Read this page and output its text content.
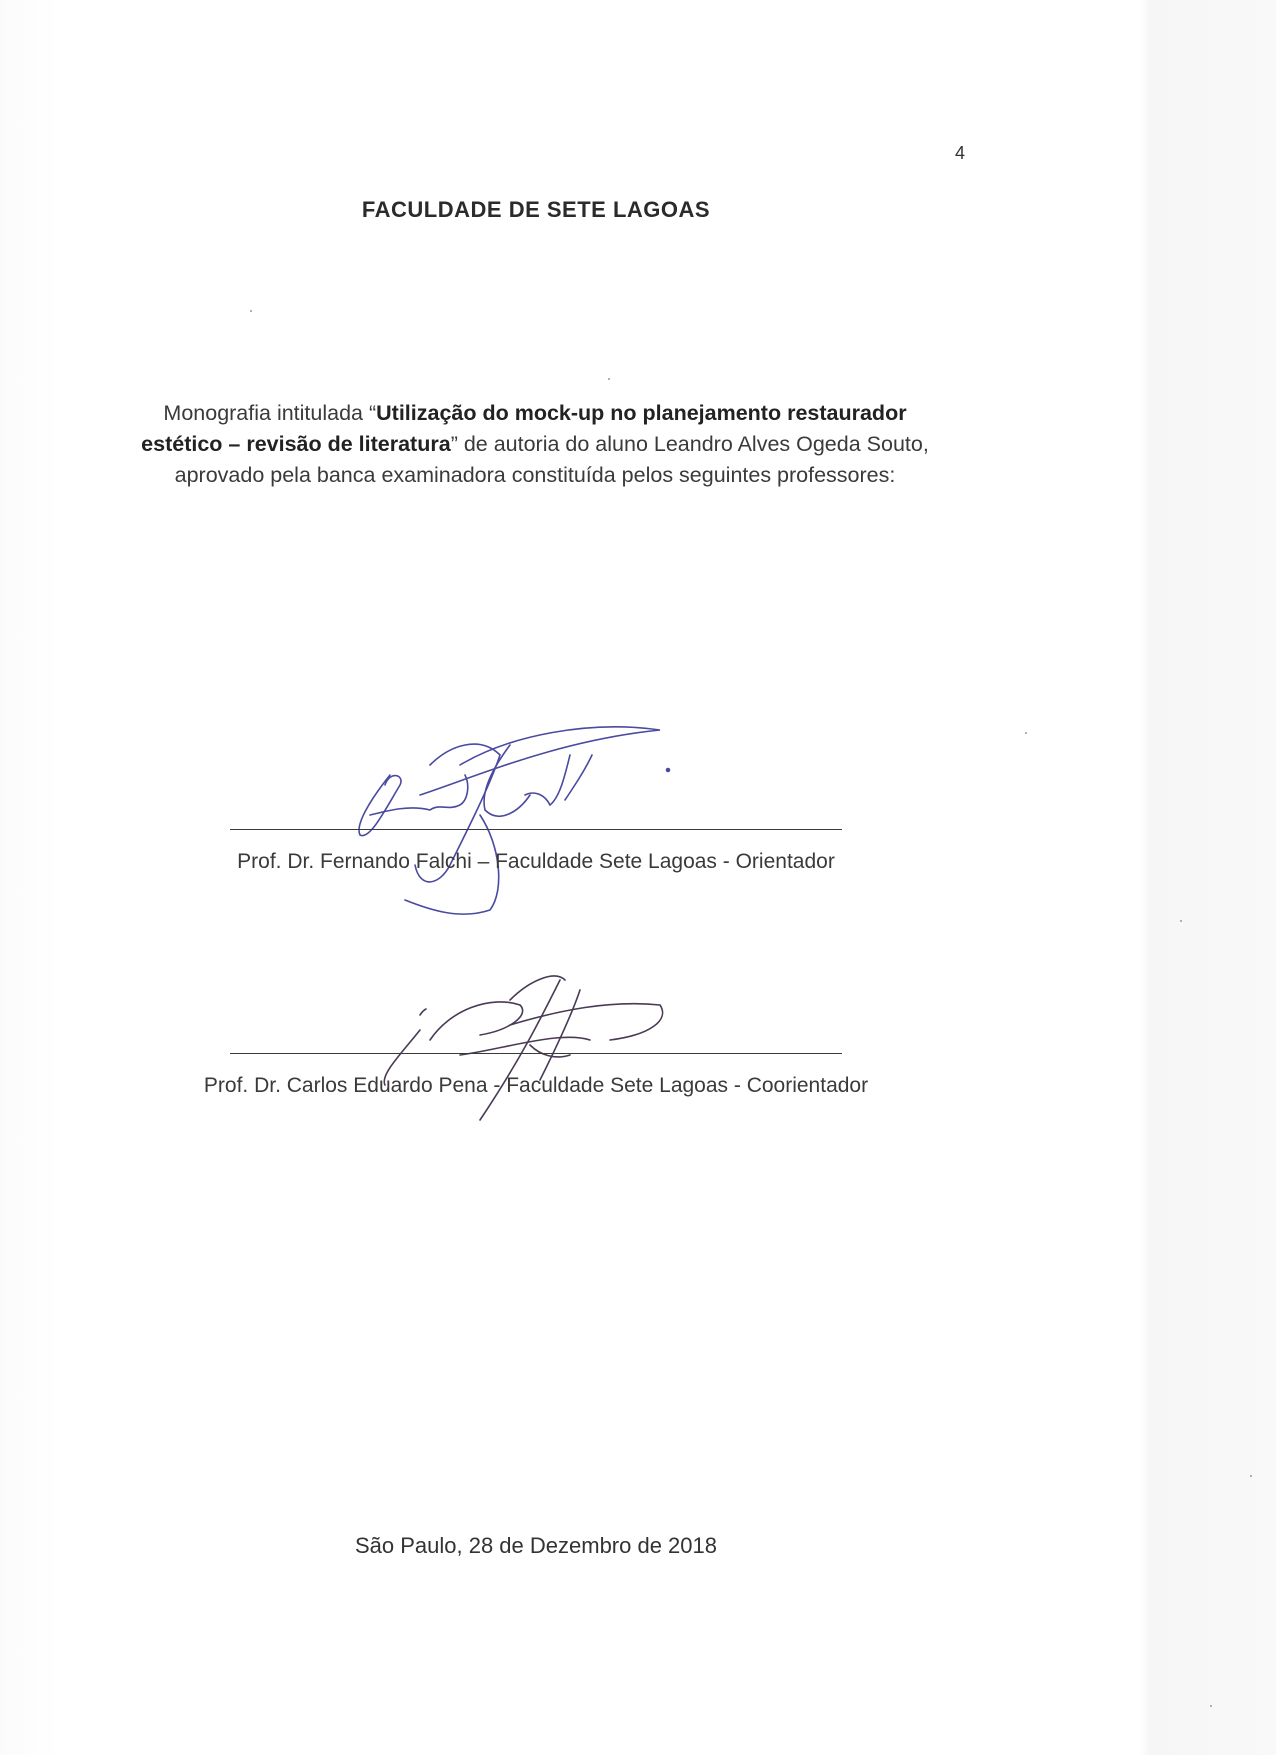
4
FACULDADE DE SETE LAGOAS
Monografia intitulada “Utilização do mock-up no planejamento restaurador estético – revisão de literatura” de autoria do aluno Leandro Alves Ogeda Souto, aprovado pela banca examinadora constituída pelos seguintes professores:
Prof. Dr. Fernando Falchi – Faculdade Sete Lagoas - Orientador
Prof. Dr. Carlos Eduardo Pena - Faculdade Sete Lagoas - Coorientador
São Paulo, 28 de Dezembro de 2018
